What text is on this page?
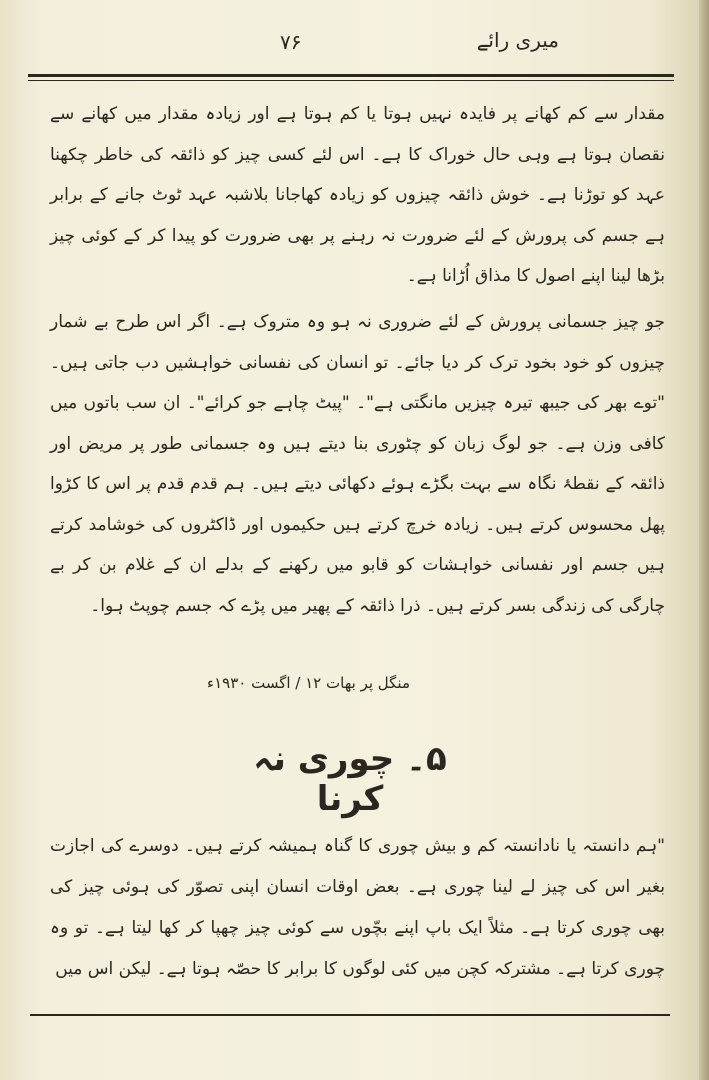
میری رائے
۷۶

مقدار سے کم کھانے پر فایدہ نہیں ہوتا یا کم ہوتا ہے اور زیادہ مقدار میں کھانے سے نقصان ہوتا ہے وہی حال خوراک کا ہے۔ اس لئے کسی چیز کو ذائقہ کی خاطر چکھنا عہد کو توڑنا ہے۔ خوش ذائقہ چیزوں کو زیادہ کھاجانا بلاشبہ عہد ٹوٹ جانے کے برابر ہے جسم کی پرورش کے لئے ضرورت نہ رہنے پر بھی ضرورت کو پیدا کر کے کوئی چیز بڑھا لینا اپنے اصول کا مذاق اُڑانا ہے۔

جو چیز جسمانی پرورش کے لئے ضروری نہ ہو وہ متروک ہے۔ اگر اس طرح بے شمار چیزوں کو خود بخود ترک کر دیا جائے۔ تو انسان کی نفسانی خواہشیں دب جاتی ہیں۔ "توے بھر کی جیبھ تیرہ چیزیں مانگتی ہے"۔ "پیٹ چاہے جو کرائے"۔ ان سب باتوں میں کافی وزن ہے۔ جو لوگ زبان کو چٹوری بنا دیتے ہیں وہ جسمانی طور پر مریض اور ذائقہ کے نقطۂ نگاہ سے بہت بگڑے ہوئے دکھائی دیتے ہیں۔ ہم قدم قدم پر اس کا کڑوا پھل محسوس کرتے ہیں۔ زیادہ خرچ کرتے ہیں حکیموں اور ڈاکٹروں کی خوشامد کرتے ہیں جسم اور نفسانی خواہشات کو قابو میں رکھنے کے بدلے ان کے غلام بن کر بے چارگی کی زندگی بسر کرتے ہیں۔ ذرا ذائقہ کے پھیر میں پڑے کہ جسم چوپٹ ہوا۔

منگل پر بھات ۱۲ / اگست ۱۹۳۰ء
۵۔ چوری نہ کرنا

"ہم دانستہ یا نادانستہ کم و بیش چوری کا گناہ ہمیشہ کرتے ہیں۔ دوسرے کی اجازت بغیر اس کی چیز لے لینا چوری ہے۔ بعض اوقات انسان اپنی تصوّر کی ہوئی چیز کی بھی چوری کرتا ہے۔ مثلاً ایک باپ اپنے بچّوں سے کوئی چیز چھپا کر کھا لیتا ہے۔ تو وہ چوری کرتا ہے۔ مشترکہ کچن میں کئی لوگوں کا برابر کا حصّہ ہوتا ہے۔ لیکن اس میں
